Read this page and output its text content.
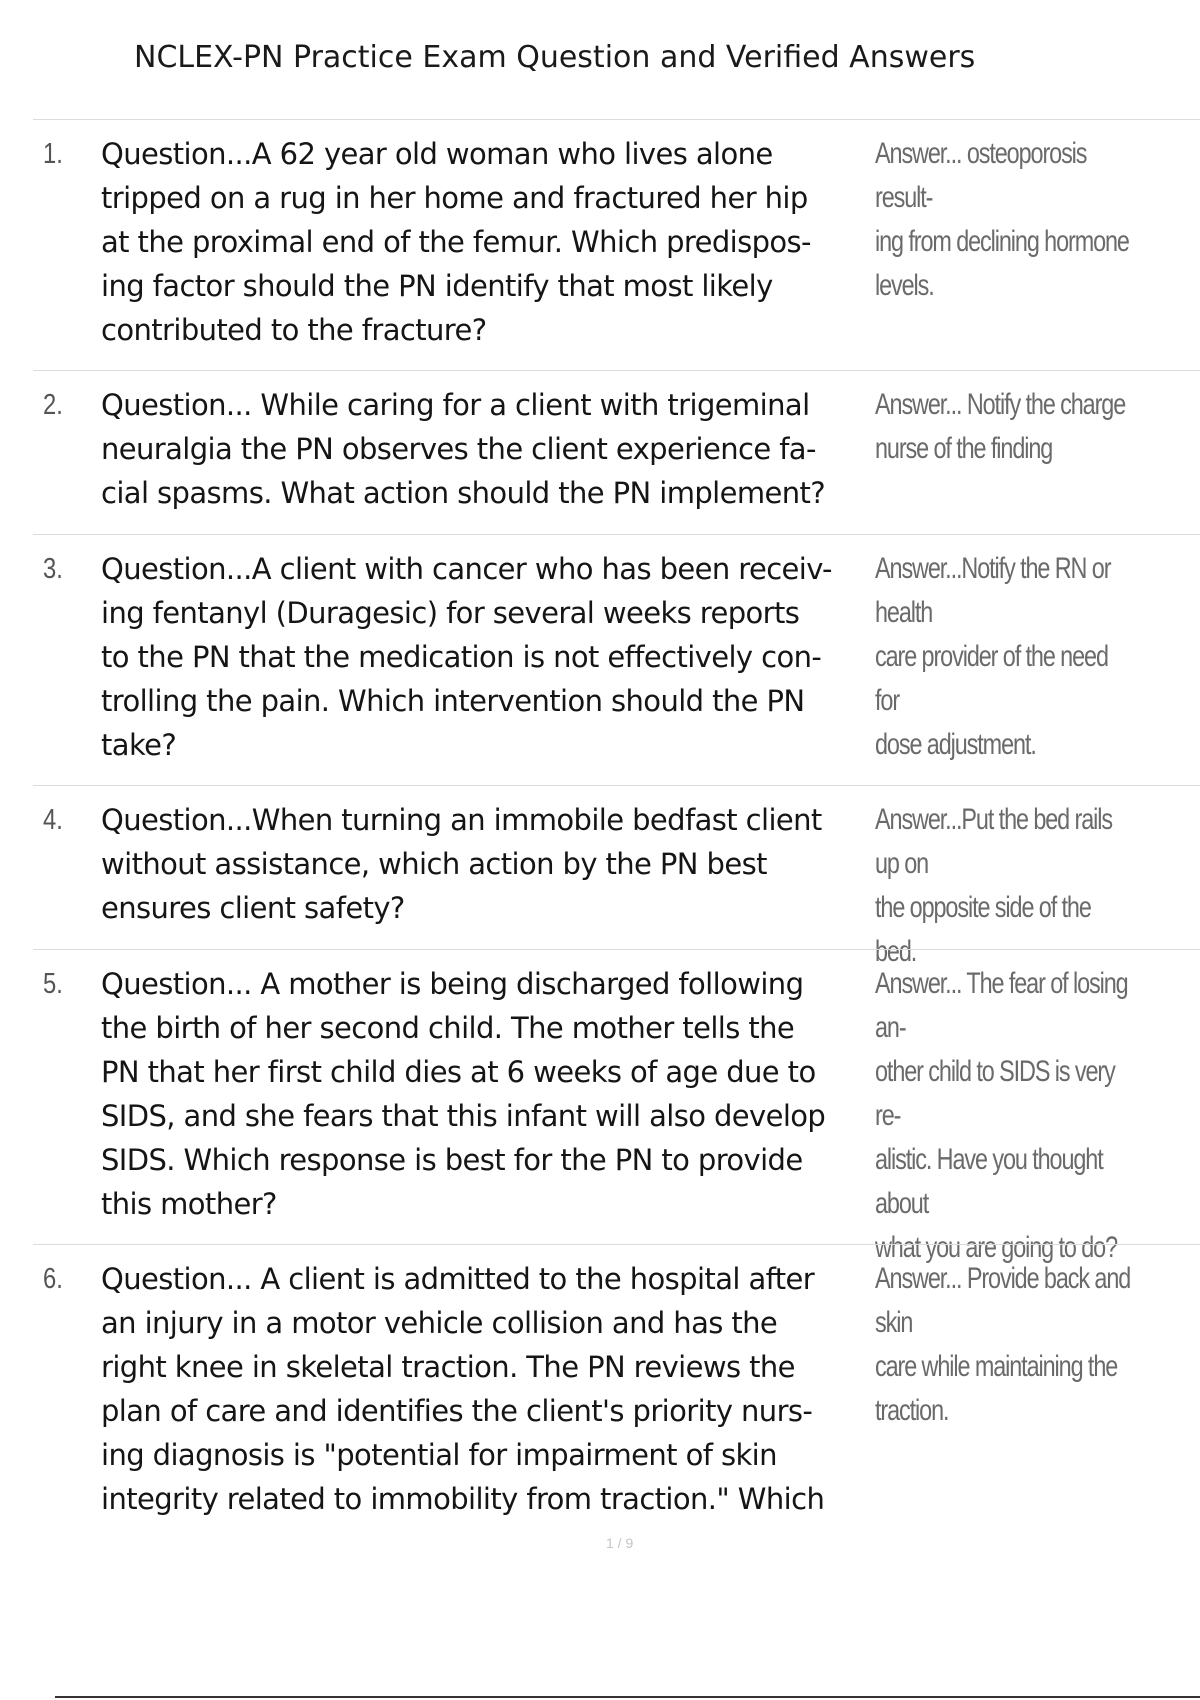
NCLEX-PN Practice Exam Question and Verified Answers
1. Question...A 62 year old woman who lives alone
tripped on a rug in her home and fractured her hip
at the proximal end of the femur. Which predispos-
ing factor should the PN identify that most likely
contributed to the fracture?
Answer... osteoporosis result-
ing from declining hormone
levels.
2. Question... While caring for a client with trigeminal
neuralgia the PN observes the client experience fa-
cial spasms. What action should the PN implement?
Answer... Notify the charge
nurse of the finding
3. Question...A client with cancer who has been receiv-
ing fentanyl (Duragesic) for several weeks reports
to the PN that the medication is not effectively con-
trolling the pain. Which intervention should the PN
take?
Answer...Notify the RN or health
care provider of the need for
dose adjustment.
4. Question...When turning an immobile bedfast client
without assistance, which action by the PN best
ensures client safety?
Answer...Put the bed rails up on
the opposite side of the bed.
5. Question... A mother is being discharged following
the birth of her second child. The mother tells the
PN that her first child dies at 6 weeks of age due to
SIDS, and she fears that this infant will also develop
SIDS. Which response is best for the PN to provide
this mother?
Answer... The fear of losing an-
other child to SIDS is very re-
alistic. Have you thought about
what you are going to do?
6. Question... A client is admitted to the hospital after
an injury in a motor vehicle collision and has the
right knee in skeletal traction. The PN reviews the
plan of care and identifies the client's priority nurs-
ing diagnosis is "potential for impairment of skin
integrity related to immobility from traction." Which
Answer... Provide back and skin
care while maintaining the
traction.
1 / 9
